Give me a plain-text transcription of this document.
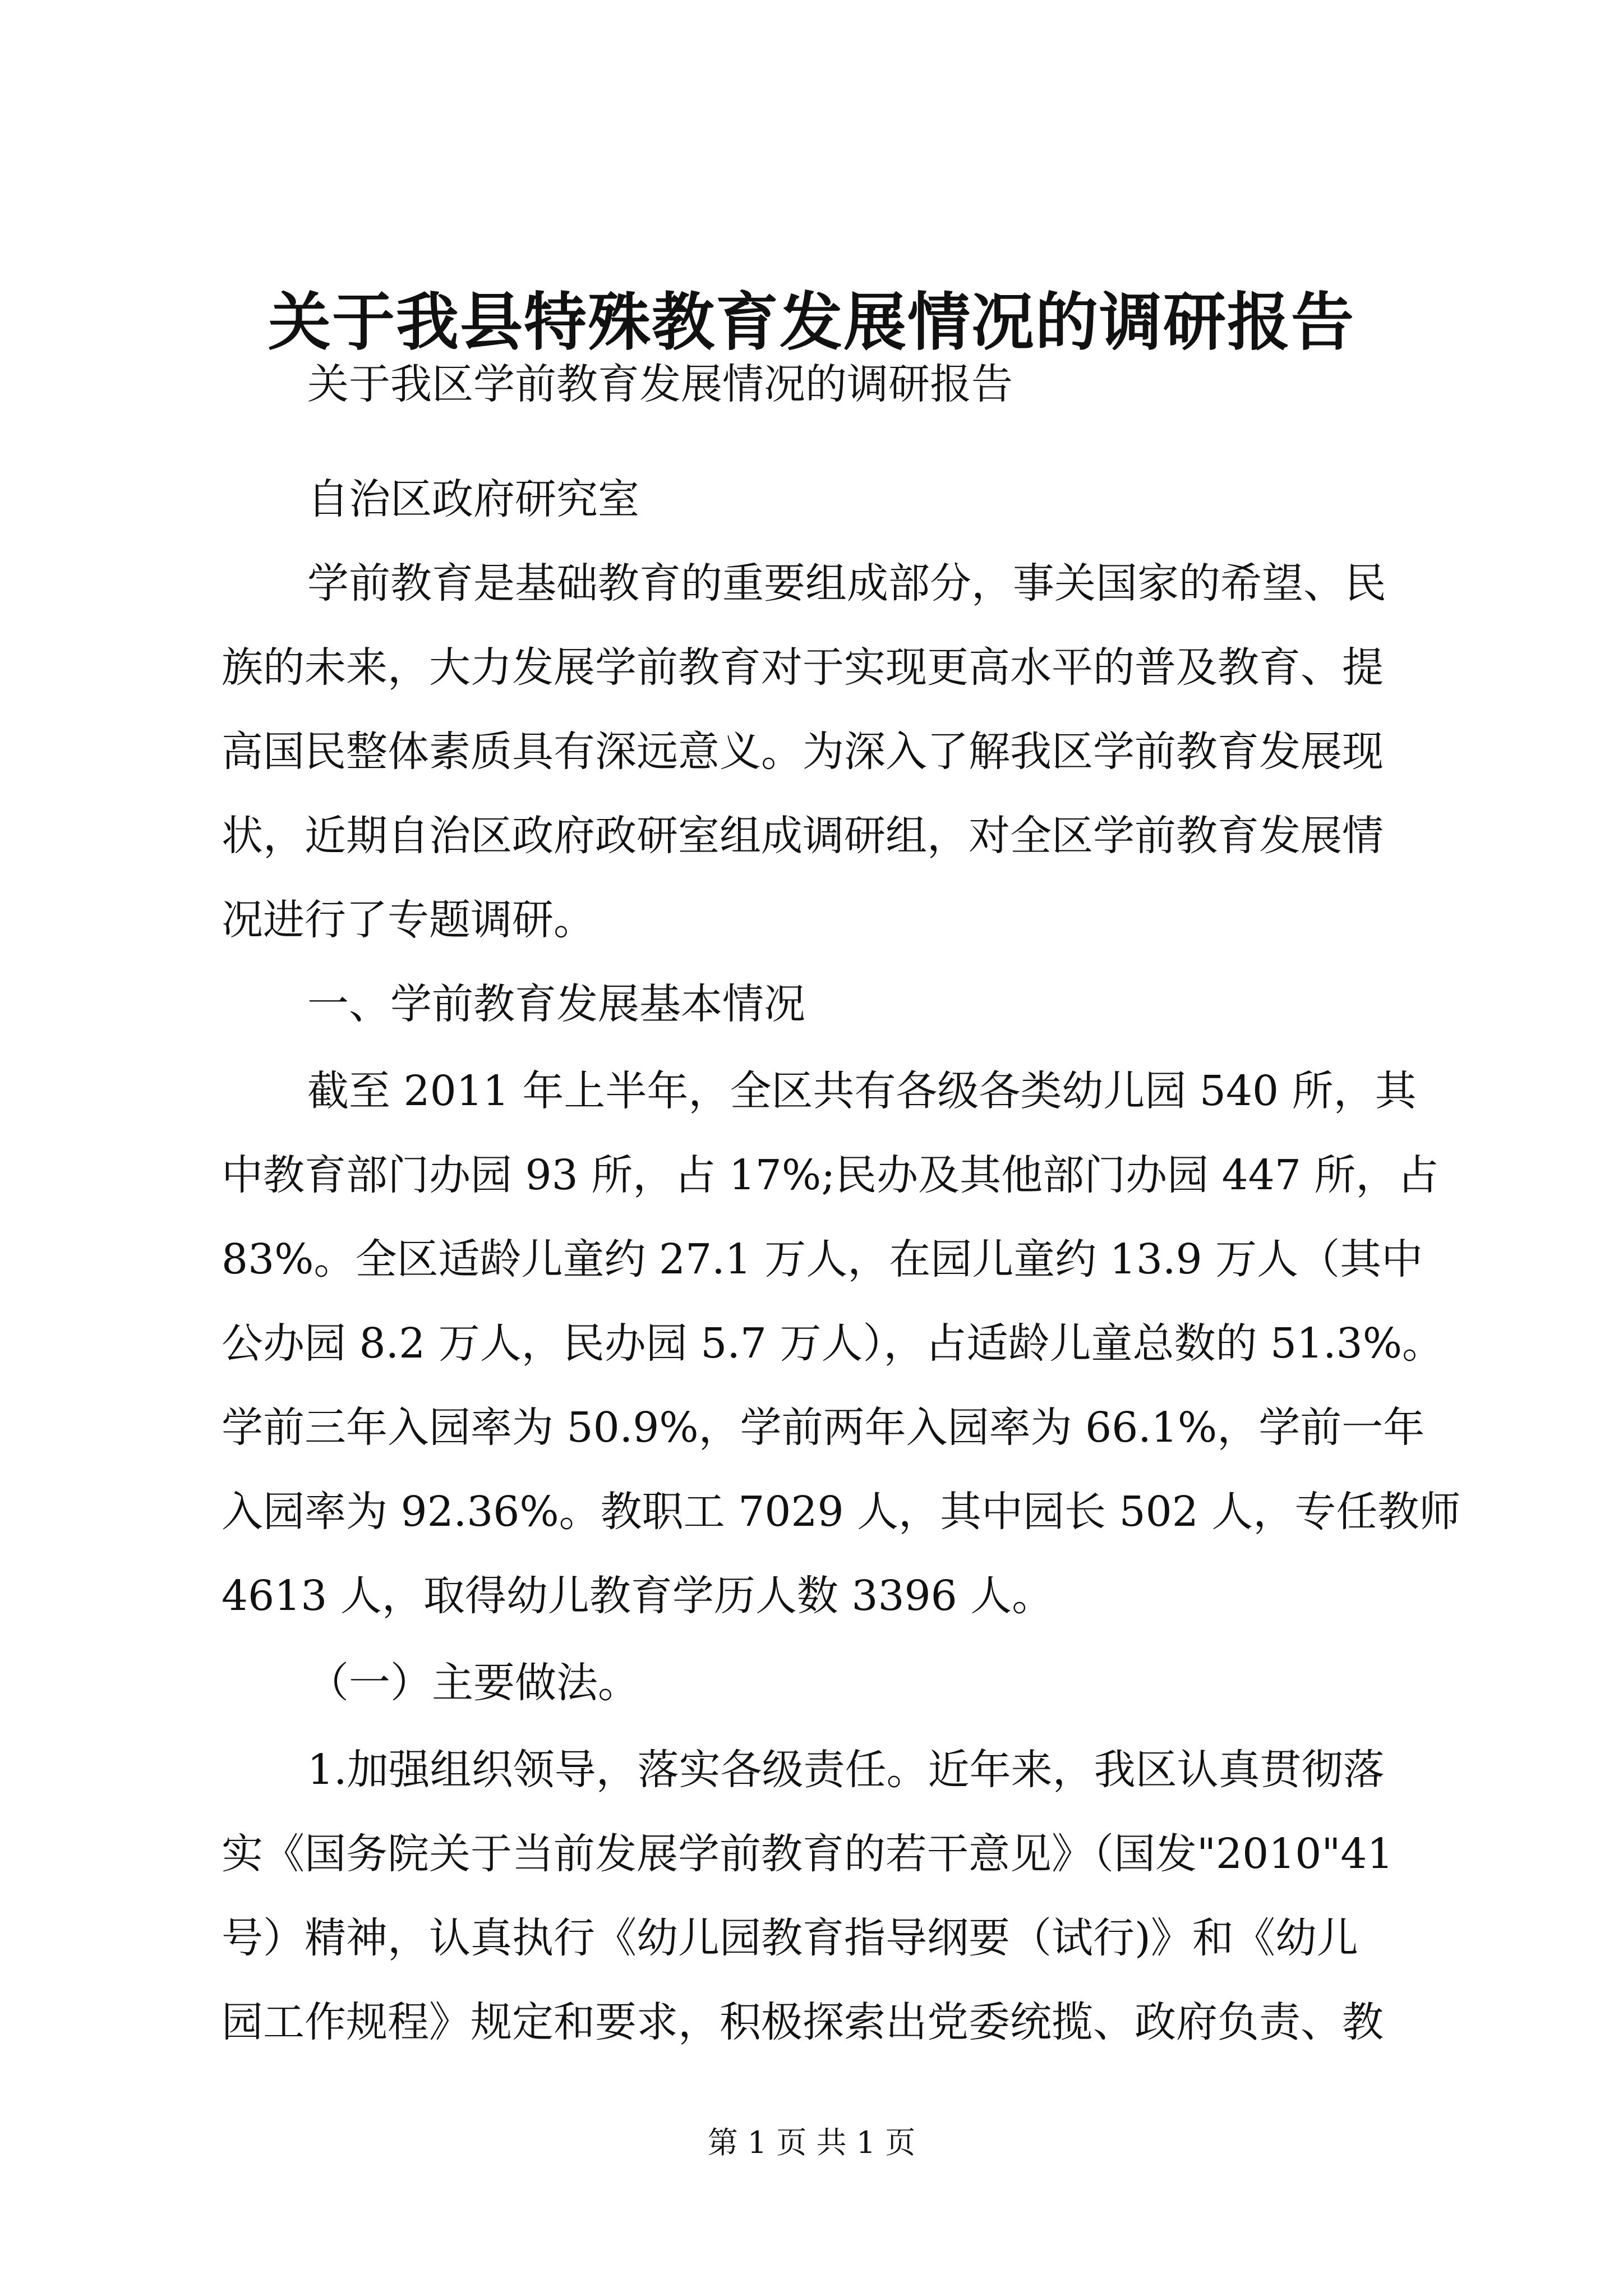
关于我县特殊教育发展情况的调研报告
关于我区学前教育发展情况的调研报告
自治区政府研究室
学前教育是基础教育的重要组成部分，事关国家的希望、民
族的未来，大力发展学前教育对于实现更高水平的普及教育、提
高国民整体素质具有深远意义。为深入了解我区学前教育发展现
状，近期自治区政府政研室组成调研组，对全区学前教育发展情
况进行了专题调研。
一、学前教育发展基本情况
截至 2011 年上半年，全区共有各级各类幼儿园 540 所，其
中教育部门办园 93 所，占 17%;民办及其他部门办园 447 所，占
83%。全区适龄儿童约 27.1 万人，在园儿童约 13.9 万人（其中
公办园 8.2 万人，民办园 5.7 万人），占适龄儿童总数的 51.3%。
学前三年入园率为 50.9%，学前两年入园率为 66.1%，学前一年
入园率为 92.36%。教职工 7029 人，其中园长 502 人，专任教师
4613 人，取得幼儿教育学历人数 3396 人。
（一）主要做法。
1.加强组织领导，落实各级责任。近年来，我区认真贯彻落
实《国务院关于当前发展学前教育的若干意见》（国发"2010"41
号）精神，认真执行《幼儿园教育指导纲要（试行)》和《幼儿
园工作规程》规定和要求，积极探索出党委统揽、政府负责、教
第 1 页 共 1 页
